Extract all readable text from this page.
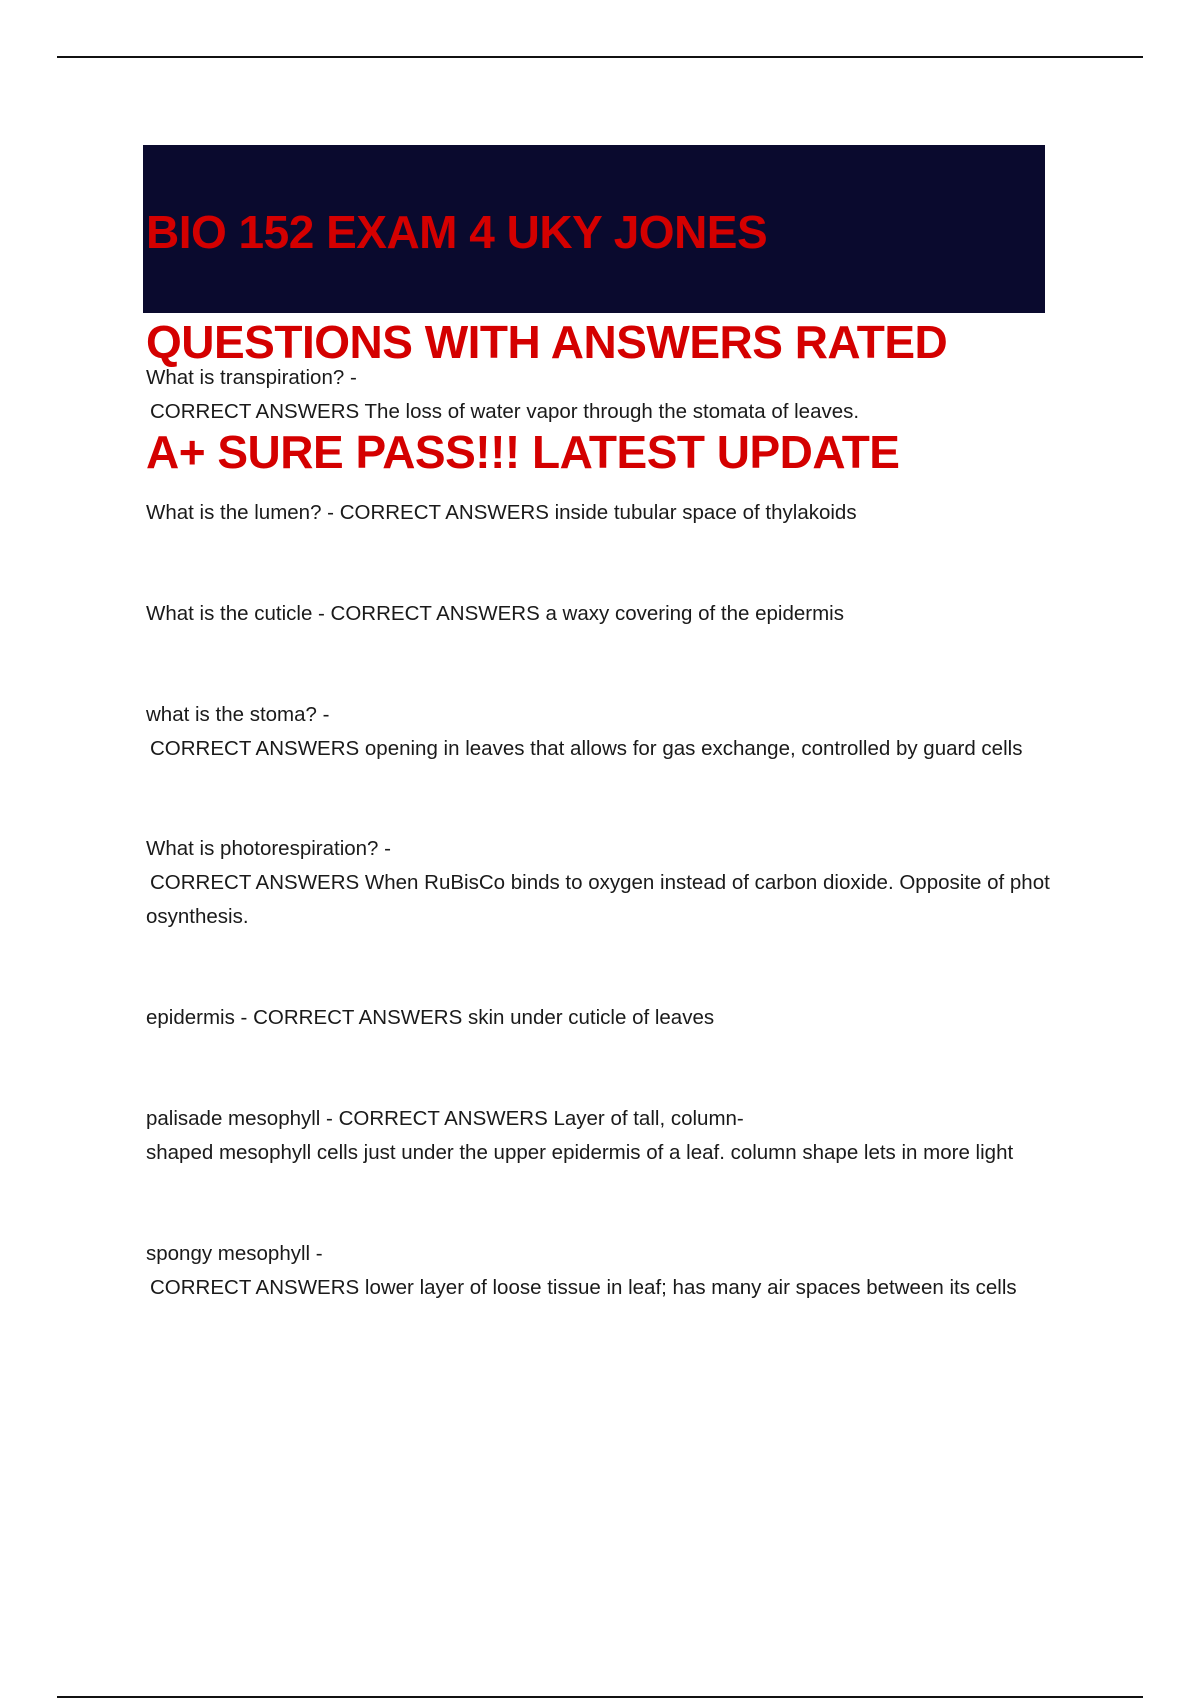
BIO 152 EXAM 4 UKY JONES

QUESTIONS WITH ANSWERS RATED

A+ SURE PASS!!! LATEST UPDATE

What is transpiration? -
CORRECT ANSWERS The loss of water vapor through the stomata of leaves.
What is the lumen? - CORRECT ANSWERS inside tubular space of thylakoids
What is the cuticle - CORRECT ANSWERS a waxy covering of the epidermis
what is the stoma? -
CORRECT ANSWERS opening in leaves that allows for gas exchange, controlled by guard cells
What is photorespiration? -
CORRECT ANSWERS When RuBisCo binds to oxygen instead of carbon dioxide. Opposite of phot
osynthesis.
epidermis - CORRECT ANSWERS skin under cuticle of leaves
palisade mesophyll - CORRECT ANSWERS Layer of tall, column-
shaped mesophyll cells just under the upper epidermis of a leaf. column shape lets in more light
spongy mesophyll -
CORRECT ANSWERS lower layer of loose tissue in leaf; has many air spaces between its cells
